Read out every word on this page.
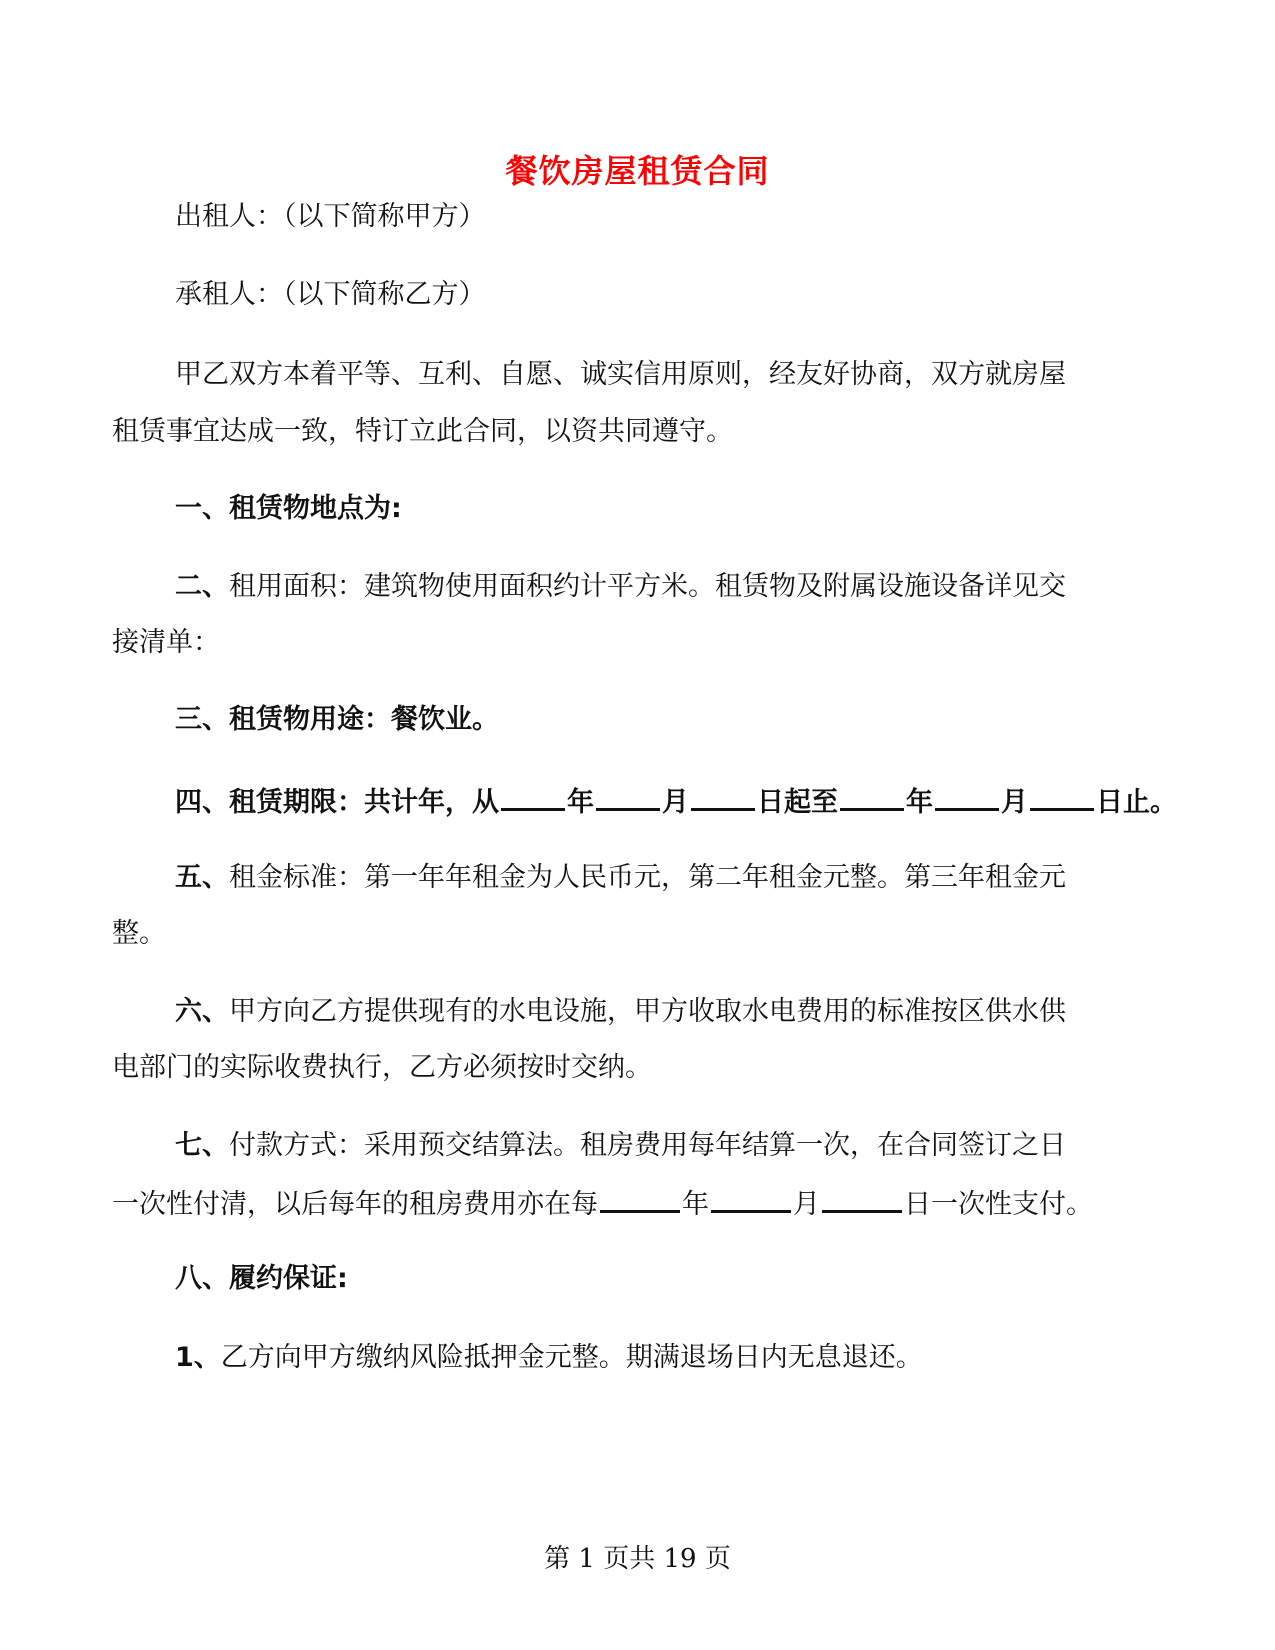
餐饮房屋租赁合同
出租人：（以下简称甲方）
承租人：（以下简称乙方）
甲乙双方本着平等、互利、自愿、诚实信用原则，经友好协商，双方就房屋
租赁事宜达成一致，特订立此合同，以资共同遵守。
一、租赁物地点为:
二、租用面积：建筑物使用面积约计平方米。租赁物及附属设施设备详见交
接清单：
三、租赁物用途：餐饮业。
四、租赁期限：共计年，从	年	月	日起至	年	月	日止。
五、租金标准：第一年年租金为人民币元，第二年租金元整。第三年租金元
整。
六、甲方向乙方提供现有的水电设施，甲方收取水电费用的标准按区供水供
电部门的实际收费执行，乙方必须按时交纳。
七、付款方式：采用预交结算法。租房费用每年结算一次，在合同签订之日
一次性付清，以后每年的租房费用亦在每	年	月	日一次性支付。
八、履约保证:
1、乙方向甲方缴纳风险抵押金元整。期满退场日内无息退还。
第 1 页共 19 页
